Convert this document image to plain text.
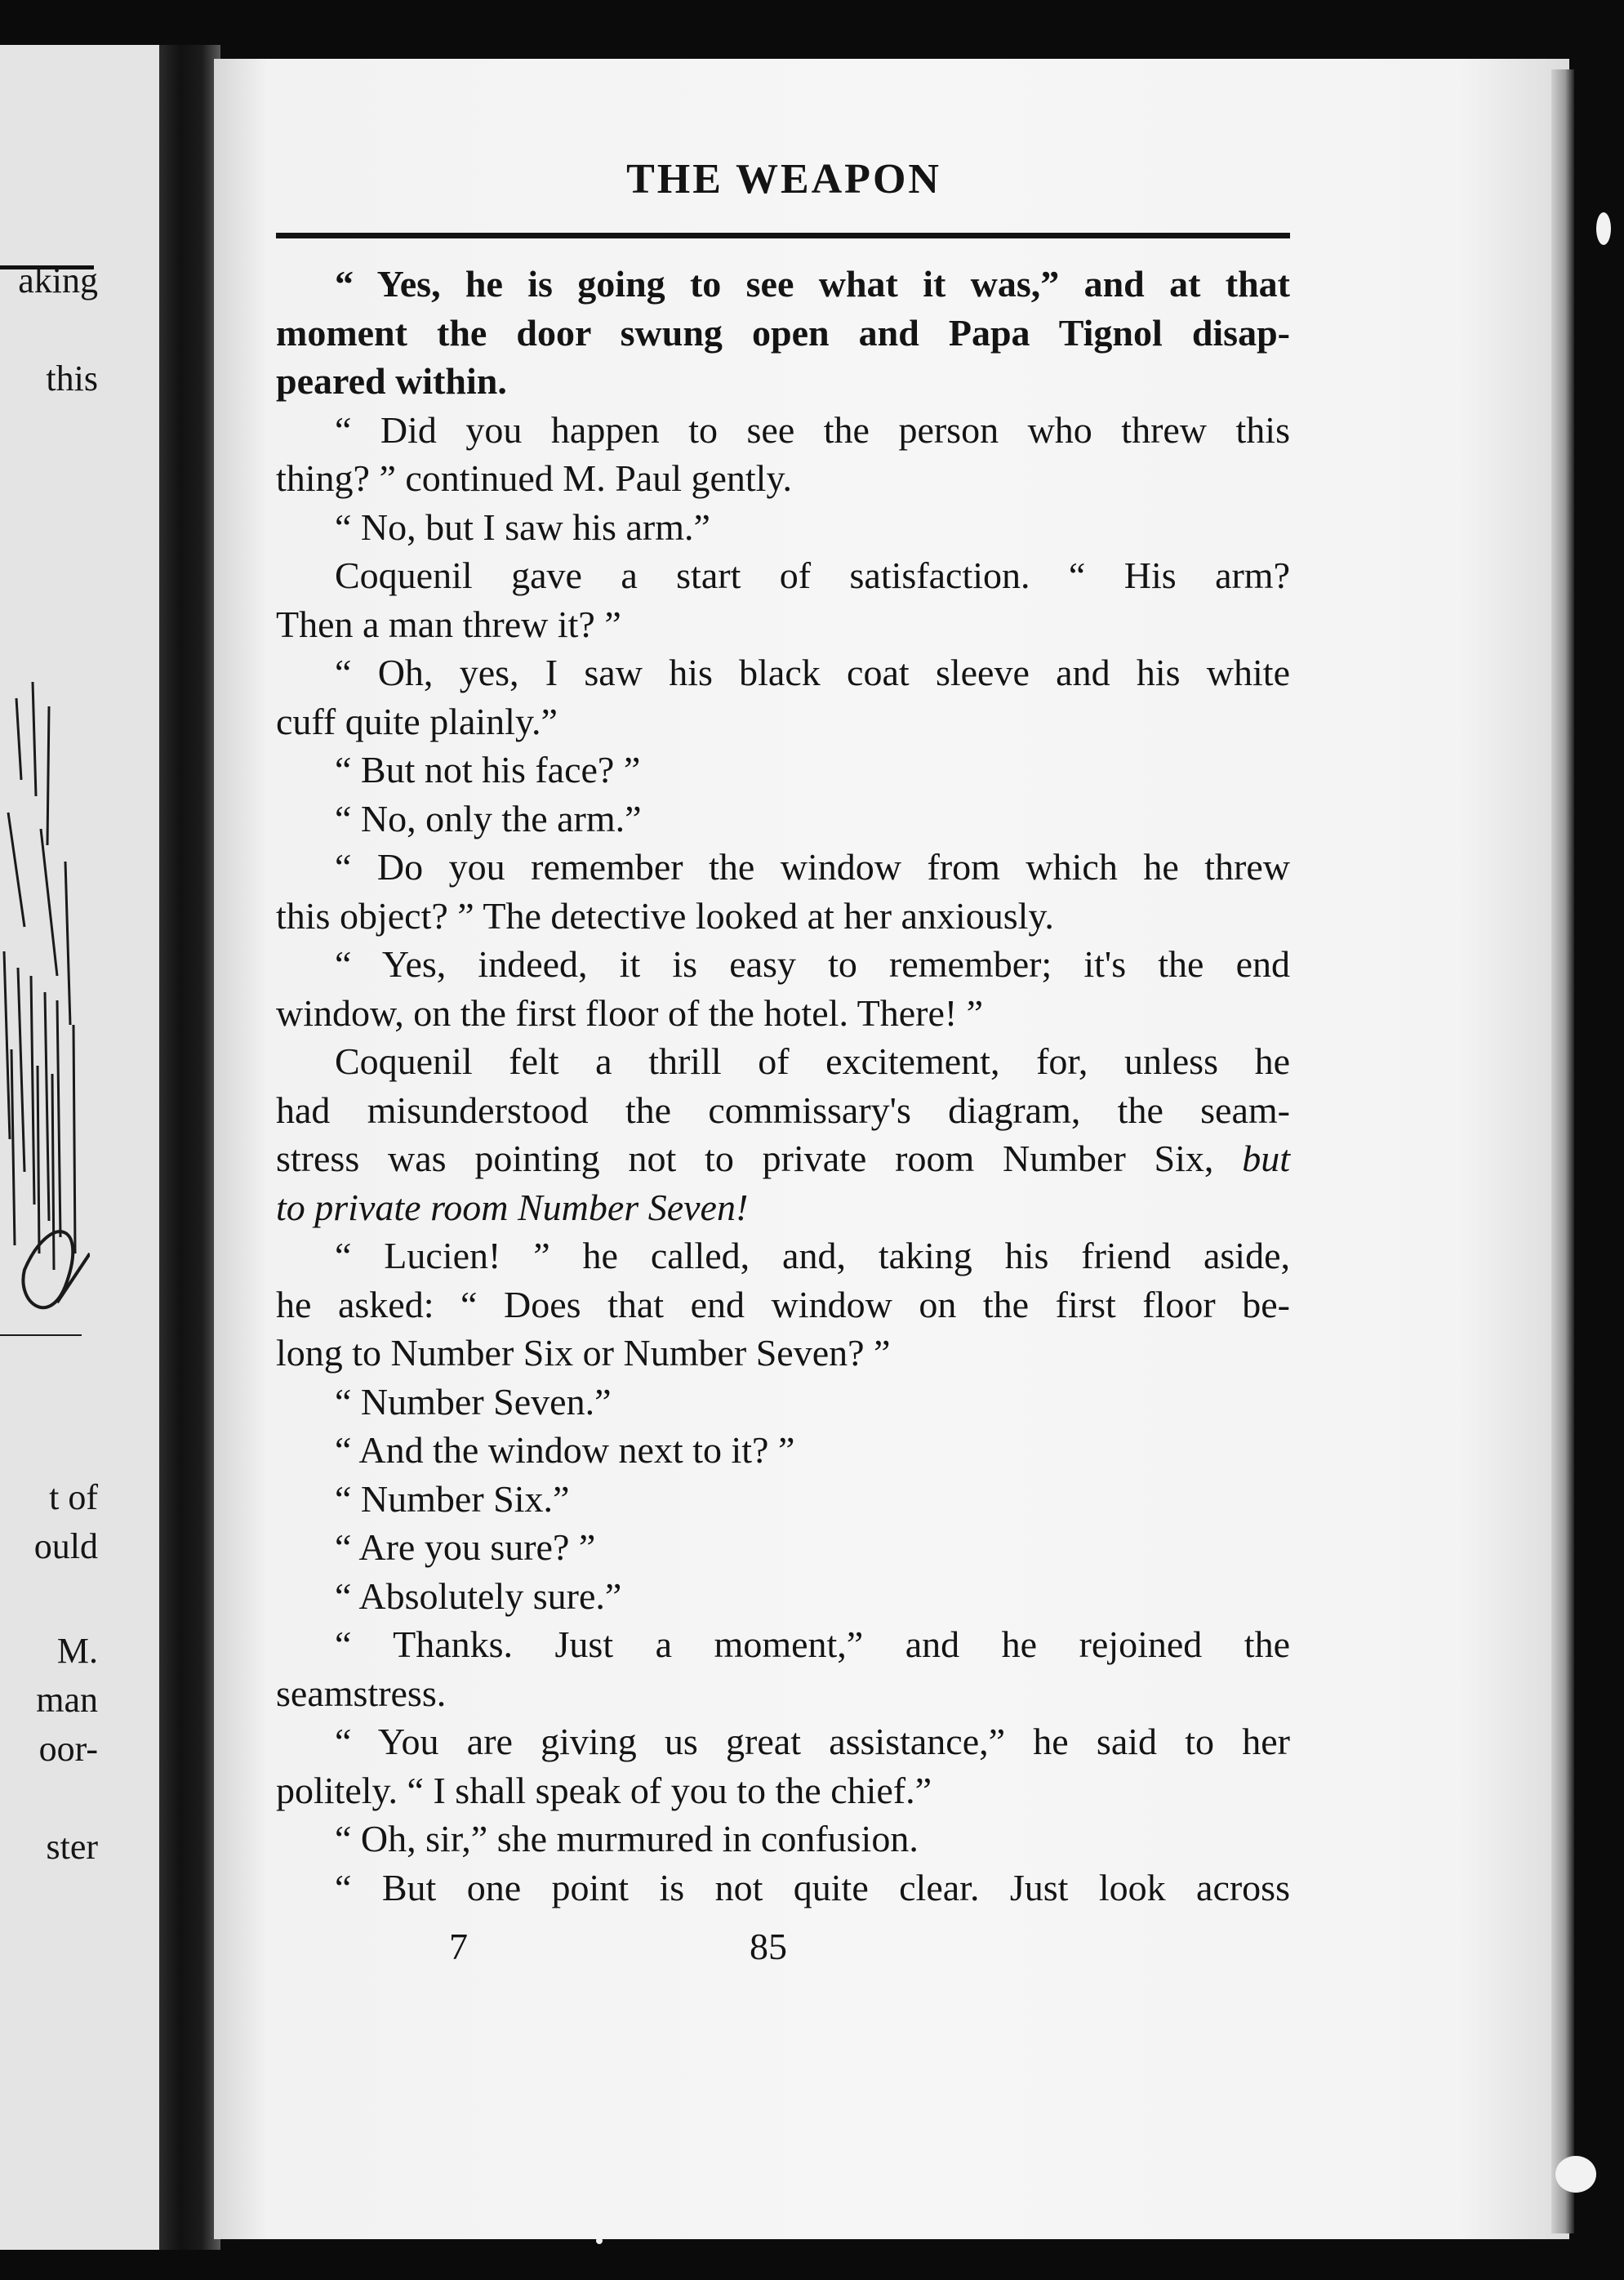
aking
this
t of
ould
M.
man
oor-
ster
THE WEAPON
“ Yes, he is going to see what it was,” and at that
moment the door swung open and Papa Tignol disap-
peared within.
“ Did you happen to see the person who threw this
thing? ” continued M. Paul gently.
“ No, but I saw his arm.”
Coquenil gave a start of satisfaction. “ His arm?
Then a man threw it? ”
“ Oh, yes, I saw his black coat sleeve and his white
cuff quite plainly.”
“ But not his face? ”
“ No, only the arm.”
“ Do you remember the window from which he threw
this object? ” The detective looked at her anxiously.
“ Yes, indeed, it is easy to remember; it's the end
window, on the first floor of the hotel. There! ”
Coquenil felt a thrill of excitement, for, unless he
had misunderstood the commissary's diagram, the seam-
stress was pointing not to private room Number Six, but
to private room Number Seven!
“ Lucien! ” he called, and, taking his friend aside,
he asked: “ Does that end window on the first floor be-
long to Number Six or Number Seven? ”
“ Number Seven.”
“ And the window next to it? ”
“ Number Six.”
“ Are you sure? ”
“ Absolutely sure.”
“ Thanks. Just a moment,” and he rejoined the
seamstress.
“ You are giving us great assistance,” he said to her
politely. “ I shall speak of you to the chief.”
“ Oh, sir,” she murmured in confusion.
“ But one point is not quite clear. Just look across
7	85
